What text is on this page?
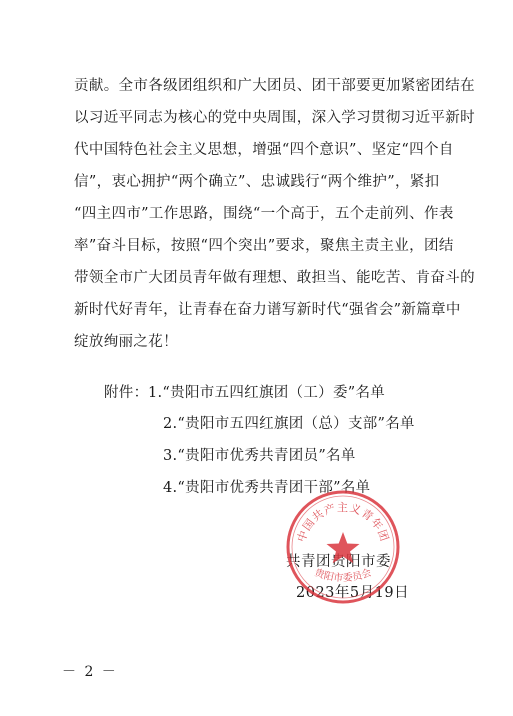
贡献。全市各级团组织和广大团员、团干部要更加紧密团结在
以习近平同志为核心的党中央周围，深入学习贯彻习近平新时
代中国特色社会主义思想，增强“四个意识”、坚定“四个自
信”，衷心拥护“两个确立”、忠诚践行“两个维护”，紧扣
“四主四市”工作思路，围绕“一个高于，五个走前列、作表
率”奋斗目标，按照“四个突出”要求，聚焦主责主业，团结
带领全市广大团员青年做有理想、敢担当、能吃苦、肯奋斗的
新时代好青年，让青春在奋力谱写新时代“强省会”新篇章中
绽放绚丽之花！
附件： 1.“贵阳市五四红旗团（工）委”名单
2.“贵阳市五四红旗团（总）支部”名单
3.“贵阳市优秀共青团员”名单
4.“贵阳市优秀共青团干部”名单
共青团贵阳市委
2023年5月19日
中国共产主义青年团
贵阳市委员会
－ 2 －
